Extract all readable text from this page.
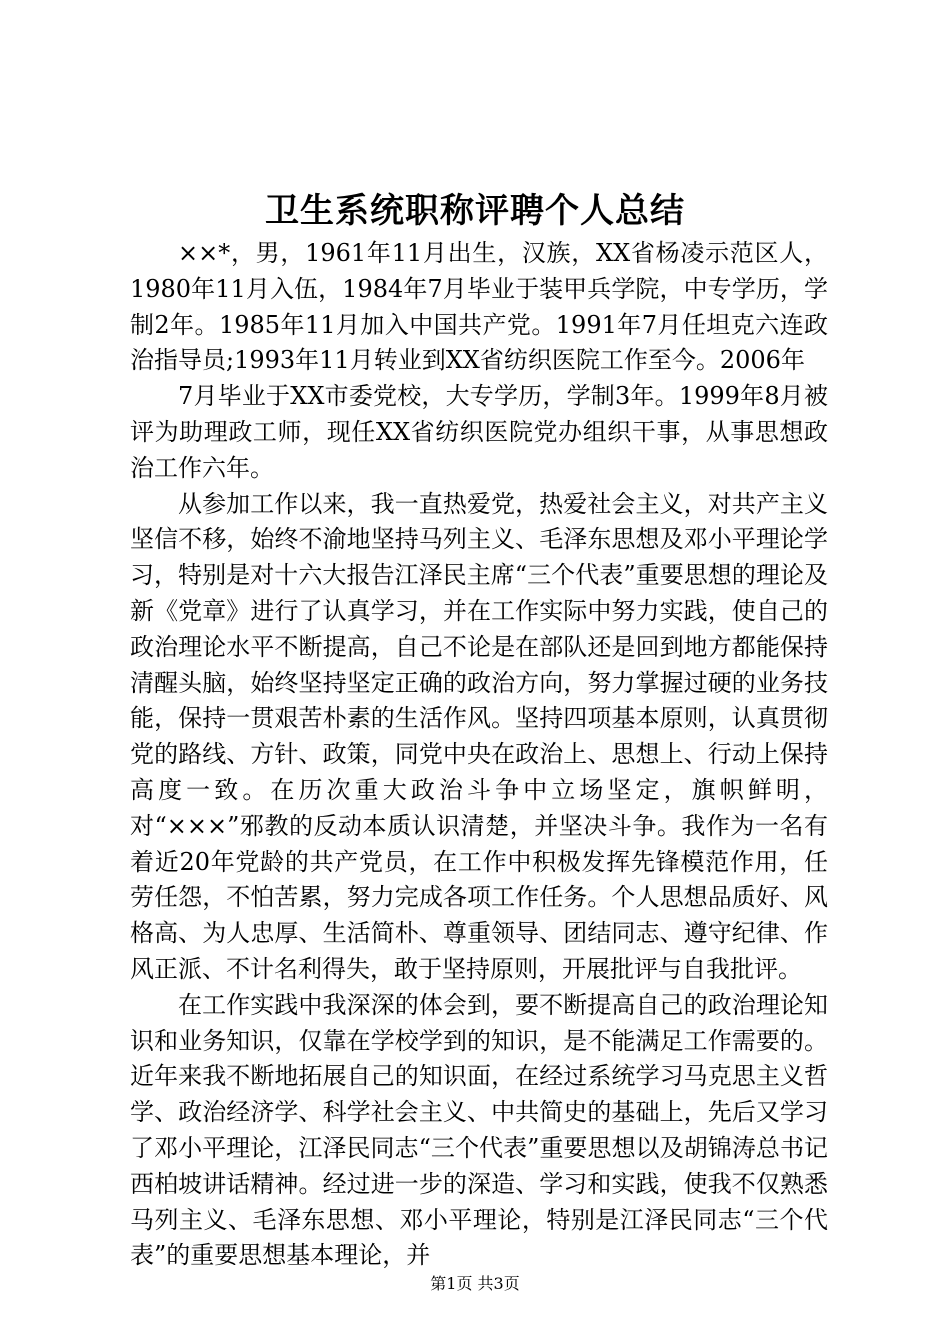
卫生系统职称评聘个人总结

××*，男，1961年11月出生，汉族，XX省杨凌示范区人，1980年11月入伍，1984年7月毕业于装甲兵学院，中专学历，学制2年。1985年11月加入中国共产党。1991年7月任坦克六连政治指导员;1993年11月转业到XX省纺织医院工作至今。2006年

7月毕业于XX市委党校，大专学历，学制3年。1999年8月被评为助理政工师，现任XX省纺织医院党办组织干事，从事思想政治工作六年。

从参加工作以来，我一直热爱党，热爱社会主义，对共产主义坚信不移，始终不渝地坚持马列主义、毛泽东思想及邓小平理论学习，特别是对十六大报告江泽民主席“三个代表”重要思想的理论及新《党章》进行了认真学习，并在工作实际中努力实践，使自己的政治理论水平不断提高，自己不论是在部队还是回到地方都能保持清醒头脑，始终坚持坚定正确的政治方向，努力掌握过硬的业务技能，保持一贯艰苦朴素的生活作风。坚持四项基本原则，认真贯彻党的路线、方针、政策，同党中央在政治上、思想上、行动上保持高度一致。在历次重大政治斗争中立场坚定，旗帜鲜明，对“×××”邪教的反动本质认识清楚，并坚决斗争。我作为一名有着近20年党龄的共产党员，在工作中积极发挥先锋模范作用，任劳任怨，不怕苦累，努力完成各项工作任务。个人思想品质好、风格高、为人忠厚、生活简朴、尊重领导、团结同志、遵守纪律、作风正派、不计名利得失，敢于坚持原则，开展批评与自我批评。

在工作实践中我深深的体会到，要不断提高自己的政治理论知识和业务知识，仅靠在学校学到的知识，是不能满足工作需要的。近年来我不断地拓展自己的知识面，在经过系统学习马克思主义哲学、政治经济学、科学社会主义、中共简史的基础上，先后又学习了邓小平理论，江泽民同志“三个代表”重要思想以及胡锦涛总书记西柏坡讲话精神。经过进一步的深造、学习和实践，使我不仅熟悉马列主义、毛泽东思想、邓小平理论，特别是江泽民同志“三个代表”的重要思想基本理论，并

第1页 共3页
